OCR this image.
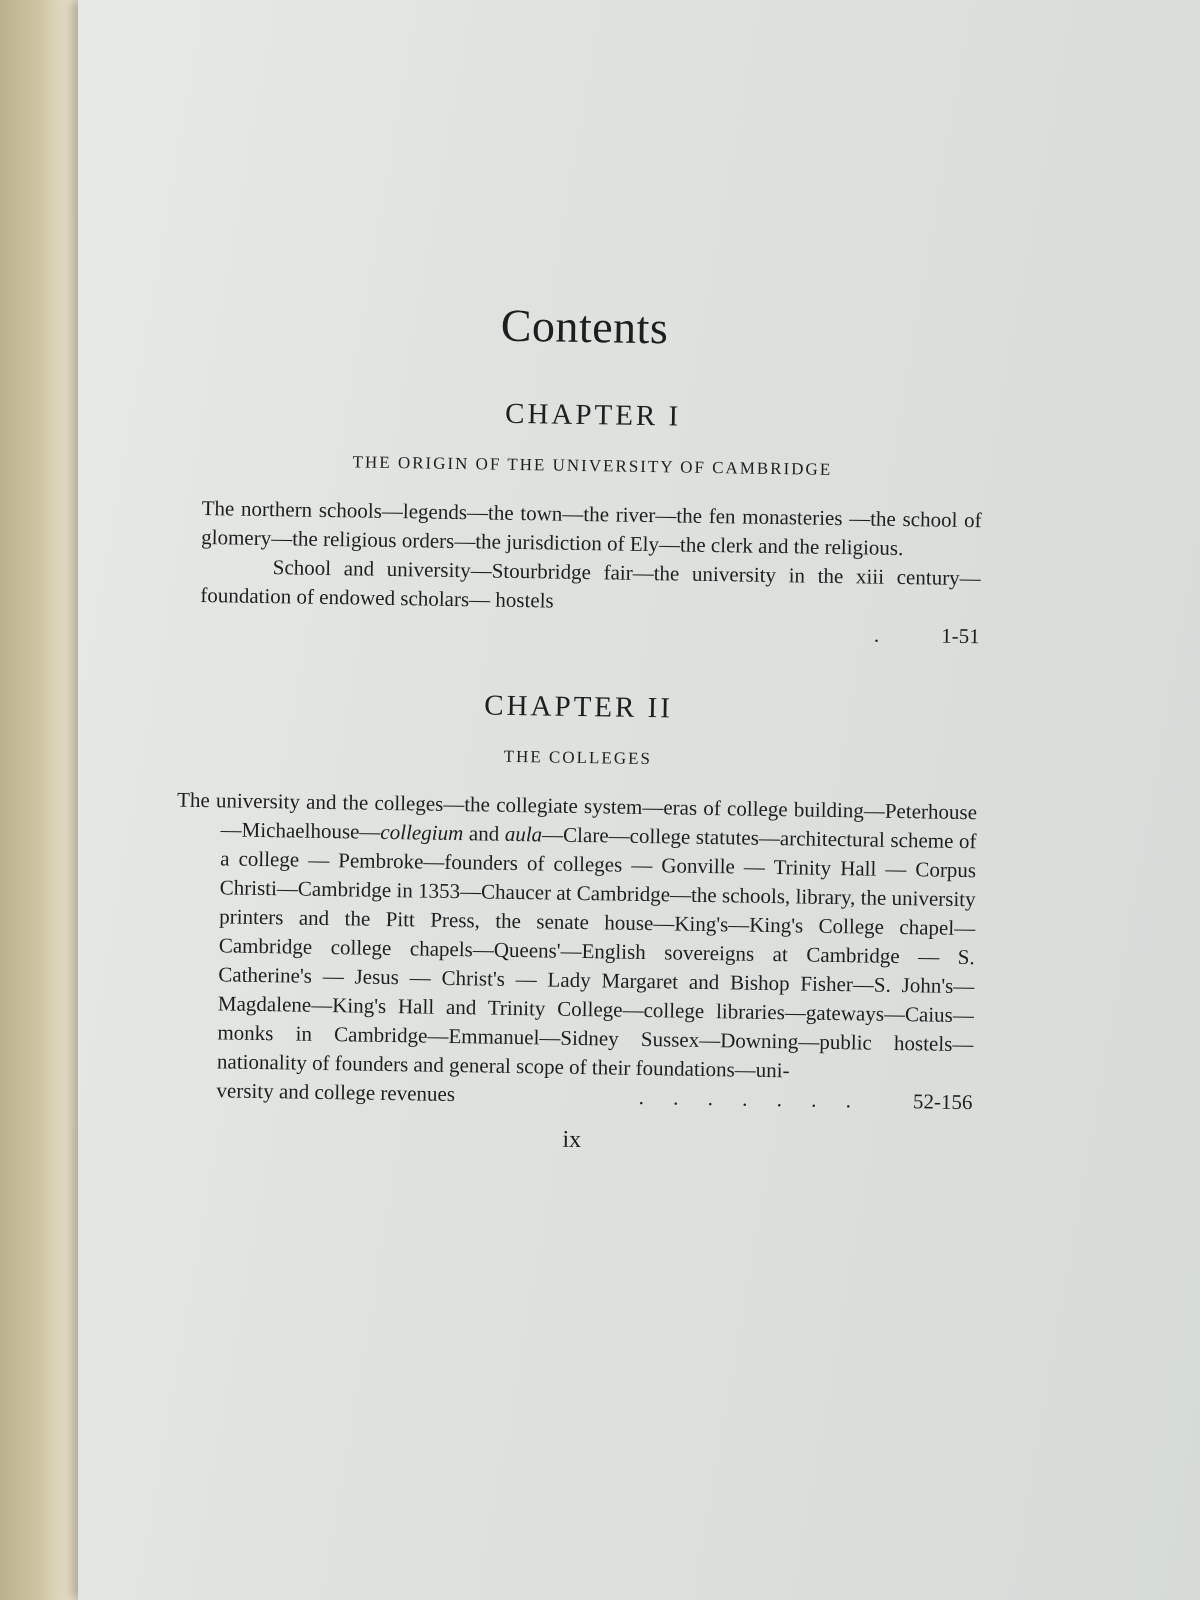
Contents
CHAPTER I
THE ORIGIN OF THE UNIVERSITY OF CAMBRIDGE

The northern schools—legends—the town—the river—the fen monasteries —the school of glomery—the religious orders—the jurisdiction of Ely—the clerk and the religious.

School and university—Stourbridge fair—the university in the xiii century—foundation of endowed scholars— hostels

.	1-51
CHAPTER II
THE COLLEGES

The university and the colleges—the collegiate system—eras of college building—Peterhouse—Michaelhouse—collegium and aula—Clare—college statutes—architectural scheme of a college — Pembroke—founders of colleges — Gonville — Trinity Hall — Corpus Christi—Cambridge in 1353—Chaucer at Cambridge—the schools, library, the university printers and the Pitt Press, the senate house—King's—King's College chapel—Cambridge college chapels—Queens'—English sovereigns at Cambridge — S. Catherine's — Jesus — Christ's — Lady Margaret and Bishop Fisher—S. John's—Magdalene—King's Hall and Trinity College—college libraries—gateways—Caius—monks in Cambridge—Emmanuel—Sidney Sussex—Downing—public hostels—nationality of founders and general scope of their foundations—uni-

versity and college revenues	. . . . . . .	52-156
ix
